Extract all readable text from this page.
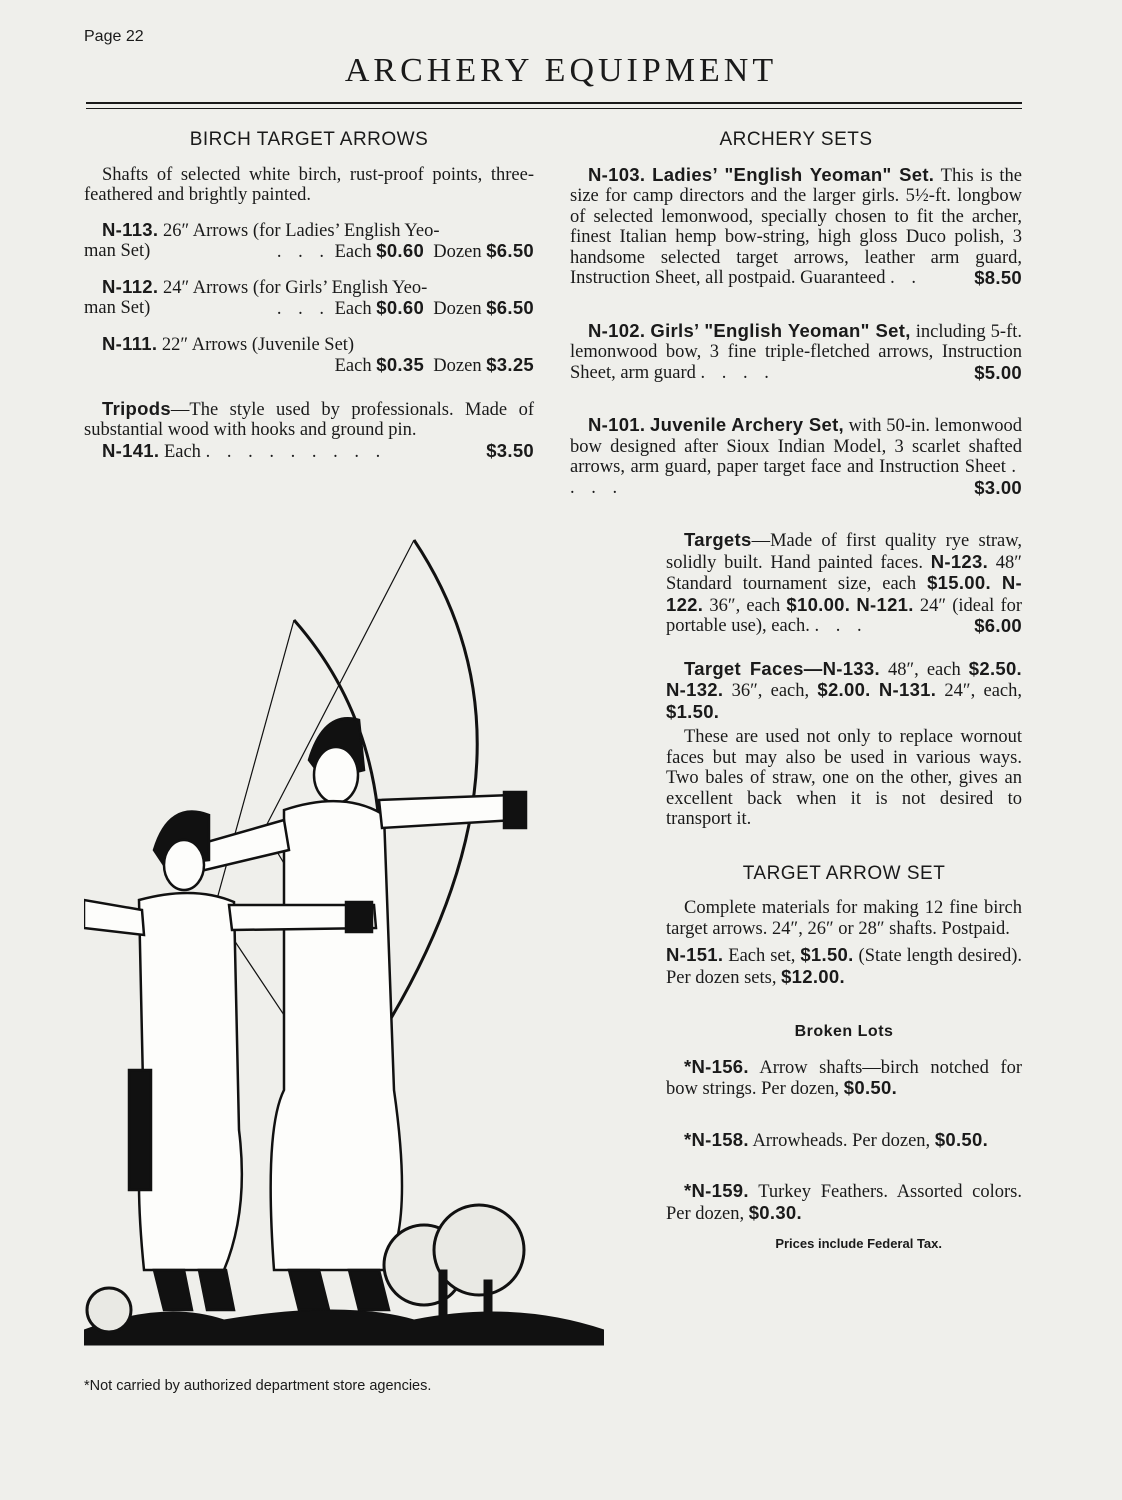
Page 22
ARCHERY EQUIPMENT
BIRCH TARGET ARROWS

Shafts of selected white birch, rust-proof points, three-feathered and brightly painted.

N-113. 26″ Arrows (for Ladies’ English Yeo-

man Set)	. . . Each $0.60 Dozen $6.50

N-112. 24″ Arrows (for Girls’ English Yeo-

man Set)	. . . Each $0.60 Dozen $6.50

N-111. 22″ Arrows (Juvenile Set)

Each $0.35 Dozen $3.25

Tripods—The style used by professionals. Made of substantial wood with hooks and ground pin.

N-141. Each . . . . . . . . .	$3.50
*Not carried by authorized department store agencies.
ARCHERY SETS

N-103. Ladies’ "English Yeoman" Set. This is the size for camp directors and the larger girls. 5½-ft. longbow of selected lemonwood, specially chosen to fit the archer, finest Italian hemp bow-string, high gloss Duco polish, 3 handsome selected target arrows, leather arm guard, Instruction Sheet, all postpaid. Guaranteed . .	$8.50

N-102. Girls’ "English Yeoman" Set, including 5-ft. lemonwood bow, 3 fine triple-fletched arrows, Instruction Sheet, arm guard . . . .	$5.00

N-101. Juvenile Archery Set, with 50-in. lemonwood bow designed after Sioux Indian Model, 3 scarlet shafted arrows, arm guard, paper target face and Instruction Sheet . . . .	$3.00

Targets—Made of first quality rye straw, solidly built. Hand painted faces. N-123. 48″ Standard tournament size, each $15.00. N-122. 36″, each $10.00. N-121. 24″ (ideal for portable use), each. . . .	$6.00

Target Faces—N-133. 48″, each $2.50. N-132. 36″, each, $2.00. N-131. 24″, each, $1.50.

These are used not only to replace wornout faces but may also be used in various ways. Two bales of straw, one on the other, gives an excellent back when it is not desired to transport it.

TARGET ARROW SET

Complete materials for making 12 fine birch target arrows. 24″, 26″ or 28″ shafts. Postpaid.

N-151. Each set, $1.50. (State length desired). Per dozen sets, $12.00.

Broken Lots

*N-156. Arrow shafts—birch notched for bow strings. Per dozen, $0.50.

*N-158. Arrowheads. Per dozen, $0.50.

*N-159. Turkey Feathers. Assorted colors. Per dozen, $0.30.

Prices include Federal Tax.
